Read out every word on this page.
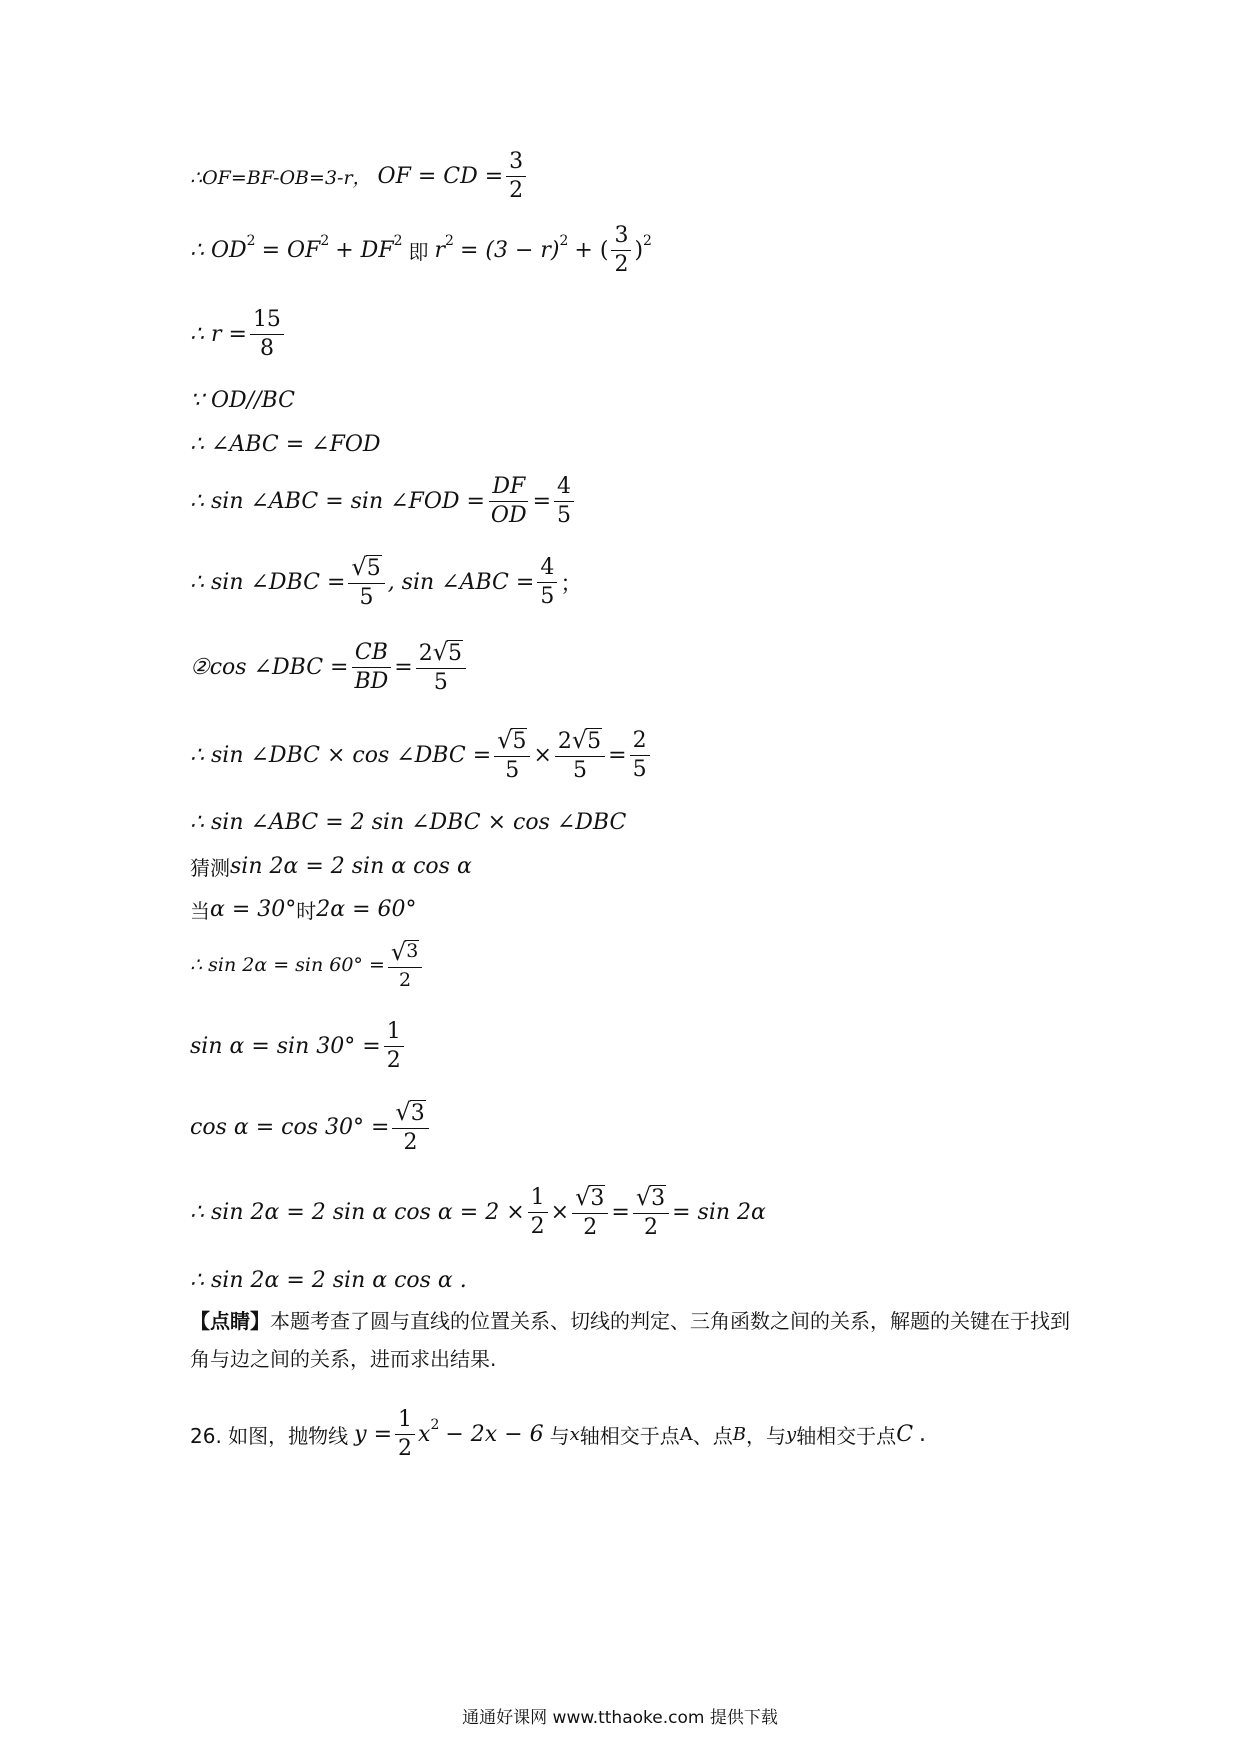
∴OF=BF-OB=3-r， OF = CD = $\frac{3}{2}$
∴ OD 2 = OF 2 + DF 2 即 r 2 = (3 − r) 2 + ( $\frac{3}{2}$ ) 2
∴ $r = \frac{15}{8}$
∵ OD//BC
∴ ∠ABC = ∠FOD
∴ sin ∠ABC = sin ∠FOD = $\frac{DF}{OD} = \frac{4}{5}$
∴ sin ∠DBC = $\frac{√ 5}{5}$ , sin ∠ABC = $\frac{4}{5}$ ；
②cos ∠DBC = $\frac{CB}{BD} = \frac{2 √ 5}{5}$
∴ sin ∠DBC × cos ∠DBC = $\frac{√ 5}{5} \times \frac{2 √ 5}{5} = \frac{2}{5}$
∴ sin ∠ABC = 2 sin ∠DBC × cos ∠DBC
猜测 sin 2α = 2 sin α cos α
当 α = 30° 时 2α = 60°
∴ $\sin 2\alpha = \sin 60^\circ = \frac{√ 3}{2}$
$\sin \alpha = \sin 30^\circ = \frac{1}{2}$
$\cos \alpha = \cos 30^\circ = \frac{√ 3}{2}$
∴ sin 2α = 2 sin α $\cos \alpha = 2 \times \frac{1}{2} \times \frac{√ 3}{2} = \frac{√ 3}{2} = \sin 2\alpha$
∴ sin 2α = 2 sin α cos α .
【点睛】本题考查了圆与直线的位置关系、切线的判定、三角函数之间的关系，解题的关键在于找到角与边之间的关系，进而求出结果.
26. 如图，抛物线 $y = \frac{1}{2}$ x 2 − 2x − 6 与 x 轴相交于点 A 、点 B ，与 y 轴相交于点 C .
通通好课网 www.tthaoke.com 提供下载
